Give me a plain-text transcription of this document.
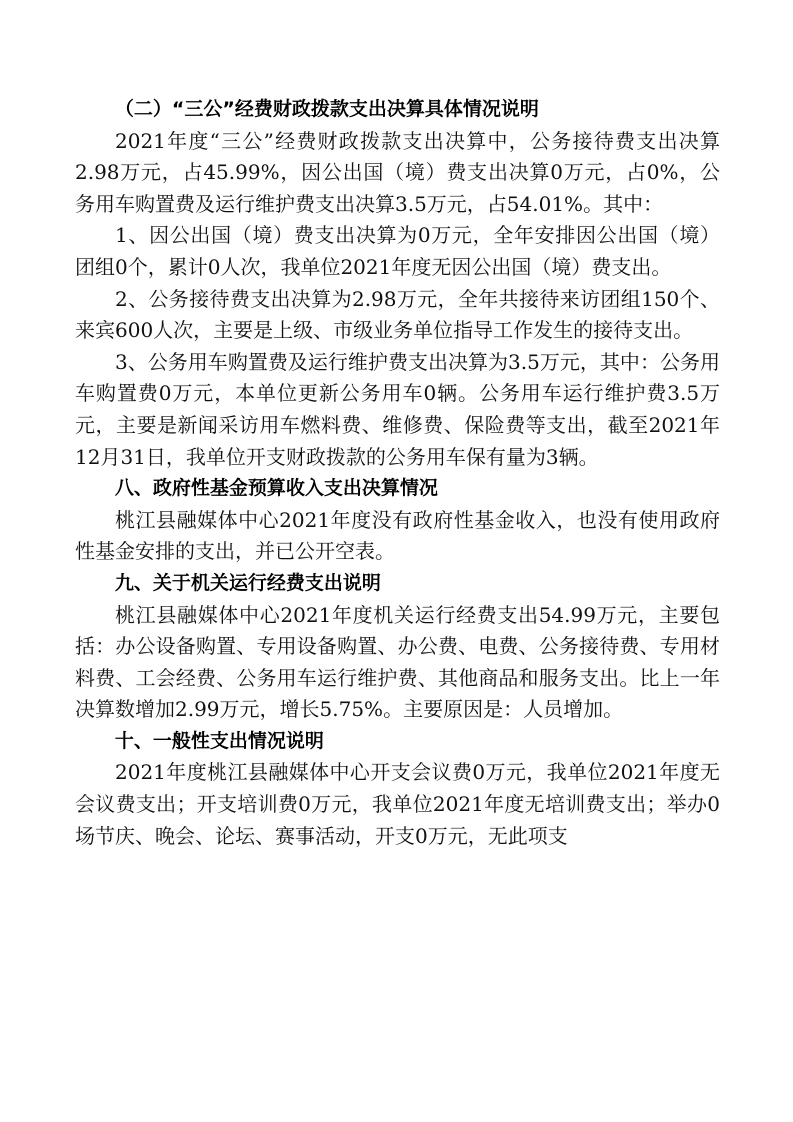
（二）“三公”经费财政拨款支出决算具体情况说明

2021年度“三公”经费财政拨款支出决算中，公务接待费支出决算2.98万元，占45.99%，因公出国（境）费支出决算0万元，占0%，公务用车购置费及运行维护费支出决算3.5万元，占54.01%。其中：

1、因公出国（境）费支出决算为0万元，全年安排因公出国（境）团组0个，累计0人次，我单位2021年度无因公出国（境）费支出。

2、公务接待费支出决算为2.98万元，全年共接待来访团组150个、来宾600人次，主要是上级、市级业务单位指导工作发生的接待支出。

3、公务用车购置费及运行维护费支出决算为3.5万元，其中：公务用车购置费0万元，本单位更新公务用车0辆。公务用车运行维护费3.5万元，主要是新闻采访用车燃料费、维修费、保险费等支出，截至2021年12月31日，我单位开支财政拨款的公务用车保有量为3辆。

八、政府性基金预算收入支出决算情况

桃江县融媒体中心2021年度没有政府性基金收入，也没有使用政府性基金安排的支出，并已公开空表。

九、关于机关运行经费支出说明

桃江县融媒体中心2021年度机关运行经费支出54.99万元，主要包括：办公设备购置、专用设备购置、办公费、电费、公务接待费、专用材料费、工会经费、公务用车运行维护费、其他商品和服务支出。比上一年决算数增加2.99万元，增长5.75%。主要原因是：人员增加。

十、一般性支出情况说明

2021年度桃江县融媒体中心开支会议费0万元，我单位2021年度无会议费支出；开支培训费0万元，我单位2021年度无培训费支出；举办0场节庆、晚会、论坛、赛事活动，开支0万元，无此项支
